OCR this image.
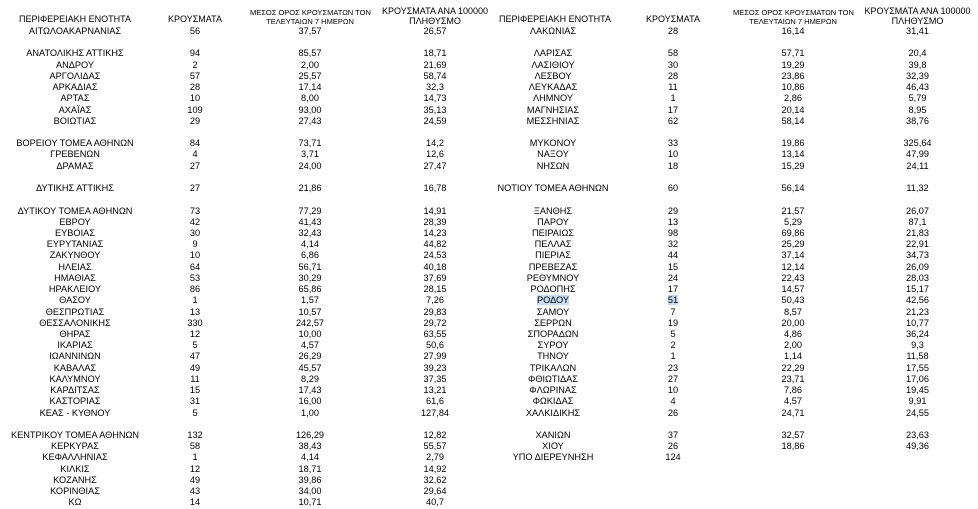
ΠΕΡΙΦΕΡΕΙΑΚΗ ΕΝΟΤΗΤΑ	ΚΡΟΥΣΜΑΤΑ
ΜΕΣΟΣ ΟΡΟΣ ΚΡΟΥΣΜΑΤΩΝ ΤΟΝ
ΤΕΛΕΥΤΑΙΩΝ 7 ΗΜΕΡΩΝ
ΚΡΟΥΣΜΑΤΑ ΑΝΑ 100000
ΠΛΗΘΥΣΜΟ	ΠΕΡΙΦΕΡΕΙΑΚΗ ΕΝΟΤΗΤΑ	ΚΡΟΥΣΜΑΤΑ
ΜΕΣΟΣ ΟΡΟΣ ΚΡΟΥΣΜΑΤΩΝ ΤΟΝ
ΤΕΛΕΥΤΑΙΩΝ 7 ΗΜΕΡΩΝ
ΚΡΟΥΣΜΑΤΑ ΑΝΑ 100000
ΠΛΗΘΥΣΜΟ
ΑΙΤΩΛΟΑΚΑΡΝΑΝΙΑΣ	56	37,57	26,57
ΑΝΑΤΟΛΙΚΗΣ ΑΤΤΙΚΗΣ	94	85,57	18,71
ΑΝΔΡΟΥ	2	2,00	21,69
ΑΡΓΟΛΙΔΑΣ	57	25,57	58,74
ΑΡΚΑΔΙΑΣ	28	17,14	32,3
ΑΡΤΑΣ	10	8,00	14,73
ΑΧΑΪΑΣ	109	93,00	35,13
ΒΟΙΩΤΙΑΣ	29	27,43	24,59
ΒΟΡΕΙΟΥ ΤΟΜΕΑ ΑΘΗΝΩΝ	84	73,71	14,2
ΓΡΕΒΕΝΩΝ	4	3,71	12,6
ΔΡΑΜΑΣ	27	24,00	27,47
ΔΥΤΙΚΗΣ ΑΤΤΙΚΗΣ	27	21,86	16,78
ΔΥΤΙΚΟΥ ΤΟΜΕΑ ΑΘΗΝΩΝ	73	77,29	14,91
ΕΒΡΟΥ	42	41,43	28,39
ΕΥΒΟΙΑΣ	30	32,43	14,23
ΕΥΡΥΤΑΝΙΑΣ	9	4,14	44,82
ΖΑΚΥΝΘΟΥ	10	6,86	24,53
ΗΛΕΙΑΣ	64	56,71	40,18
ΗΜΑΘΙΑΣ	53	30,29	37,69
ΗΡΑΚΛΕΙΟΥ	86	65,86	28,15
ΘΑΣΟΥ	1	1,57	7,26
ΘΕΣΠΡΩΤΙΑΣ	13	10,57	29,83
ΘΕΣΣΑΛΟΝΙΚΗΣ	330	242,57	29,72
ΘΗΡΑΣ	12	10,00	63,55
ΙΚΑΡΙΑΣ	5	4,57	50,6
ΙΩΑΝΝΙΝΩΝ	47	26,29	27,99
ΚΑΒΑΛΑΣ	49	45,57	39,23
ΚΑΛΥΜΝΟΥ	11	8,29	37,35
ΚΑΡΔΙΤΣΑΣ	15	17,43	13,21
ΚΑΣΤΟΡΙΑΣ	31	16,00	61,6
ΚΕΑΣ - ΚΥΘΝΟΥ	5	1,00	127,84
ΚΕΝΤΡΙΚΟΥ ΤΟΜΕΑ ΑΘΗΝΩΝ	132	126,29	12,82
ΚΕΡΚΥΡΑΣ	58	38,43	55,57
ΚΕΦΑΛΛΗΝΙΑΣ	1	4,14	2,79
ΚΙΛΚΙΣ	12	18,71	14,92
ΚΟΖΑΝΗΣ	49	39,86	32,62
ΚΟΡΙΝΘΙΑΣ	43	34,00	29,64
ΚΩ	14	10,71	40,7
ΛΑΚΩΝΙΑΣ	28	16,14	31,41
ΛΑΡΙΣΑΣ	58	57,71	20,4
ΛΑΣΙΘΙΟΥ	30	19,29	39,8
ΛΕΣΒΟΥ	28	23,86	32,39
ΛΕΥΚΑΔΑΣ	11	10,86	46,43
ΛΗΜΝΟΥ	1	2,86	5,79
ΜΑΓΝΗΣΙΑΣ	17	20,14	8,95
ΜΕΣΣΗΝΙΑΣ	62	58,14	38,76
ΜΥΚΟΝΟΥ	33	19,86	325,64
ΝΑΞΟΥ	10	13,14	47,99
ΝΗΣΩΝ	18	15,29	24,11
ΝΟΤΙΟΥ ΤΟΜΕΑ ΑΘΗΝΩΝ	60	56,14	11,32
ΞΑΝΘΗΣ	29	21,57	26,07
ΠΑΡΟΥ	13	5,29	87,1
ΠΕΙΡΑΙΩΣ	98	69,86	21,83
ΠΕΛΛΑΣ	32	25,29	22,91
ΠΙΕΡΙΑΣ	44	37,14	34,73
ΠΡΕΒΕΖΑΣ	15	12,14	26,09
ΡΕΘΥΜΝΟΥ	24	22,43	28,03
ΡΟΔΟΠΗΣ	17	14,57	15,17
ΡΟΔΟΥ	51	50,43	42,56
ΣΑΜΟΥ	7	8,57	21,23
ΣΕΡΡΩΝ	19	20,00	10,77
ΣΠΟΡΑΔΩΝ	5	4,86	36,24
ΣΥΡΟΥ	2	2,00	9,3
ΤΗΝΟΥ	1	1,14	11,58
ΤΡΙΚΑΛΩΝ	23	22,29	17,55
ΦΘΙΩΤΙΔΑΣ	27	23,71	17,06
ΦΛΩΡΙΝΑΣ	10	7,86	19,45
ΦΩΚΙΔΑΣ	4	4,57	9,91
ΧΑΛΚΙΔΙΚΗΣ	26	24,71	24,55
ΧΑΝΙΩΝ	37	32,57	23,63
ΧΙΟΥ	26	18,86	49,36
ΥΠΟ ΔΙΕΡΕΥΝΗΣΗ	124
